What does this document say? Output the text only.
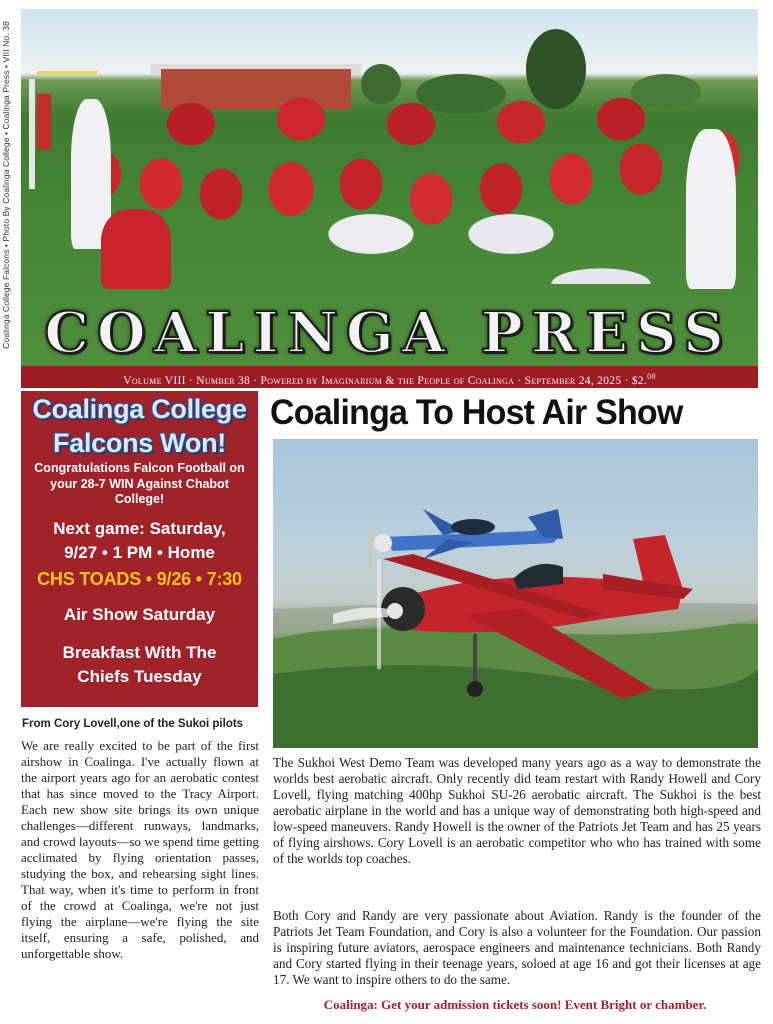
Coalinga College Falcons • Photo By Coalinga College • Coalinga Press • VIII No. 38 COALINGA PRESS
Volume VIII · Number 38 · Powered by Imaginarium & the People of Coalinga · September 24, 2025 · $2.00
Coalinga College
Falcons Won!
Congratulations Falcon Football on your 28-7 WIN Against Chabot College!
Next game: Saturday,
9/27 • 1 PM • Home
CHS TOADS • 9/26 • 7:30
Air Show Saturday
Breakfast With The Chiefs Tuesday
From Cory Lovell,one of the Sukoi pilots

We are really excited to be part of the first airshow in Coalinga. I've actually flown at the airport years ago for an aerobatic contest that has since moved to the Tracy Airport. Each new show site brings its own unique challenges—different runways, landmarks, and crowd layouts—so we spend time getting acclimated by flying orientation passes, studying the box, and rehearsing sight lines. That way, when it's time to perform in front of the crowd at Coalinga, we're not just flying the airplane—we're flying the site itself, ensuring a safe, polished, and unforgettable show.

Coalinga To Host Air Show

The Sukhoi West Demo Team was developed many years ago as a way to demonstrate the worlds best aerobatic aircraft. Only recently did team restart with Randy Howell and Cory Lovell, flying matching 400hp Sukhoi SU-26 aerobatic aircraft. The Sukhoi is the best aerobatic airplane in the world and has a unique way of demonstrating both high-speed and low-speed maneuvers. Randy Howell is the owner of the Patriots Jet Team and has 25 years of flying airshows. Cory Lovell is an aerobatic competitor who who has trained with some of the worlds top coaches.

Both Cory and Randy are very passionate about Aviation. Randy is the founder of the Patriots Jet Team Foundation, and Cory is also a volunteer for the Foundation. Our passion is inspiring future aviators, aerospace engineers and maintenance technicians. Both Randy and Cory started flying in their teenage years, soloed at age 16 and got their licenses at age 17. We want to inspire others to do the same.

Coalinga: Get your admission tickets soon! Event Bright or chamber.
